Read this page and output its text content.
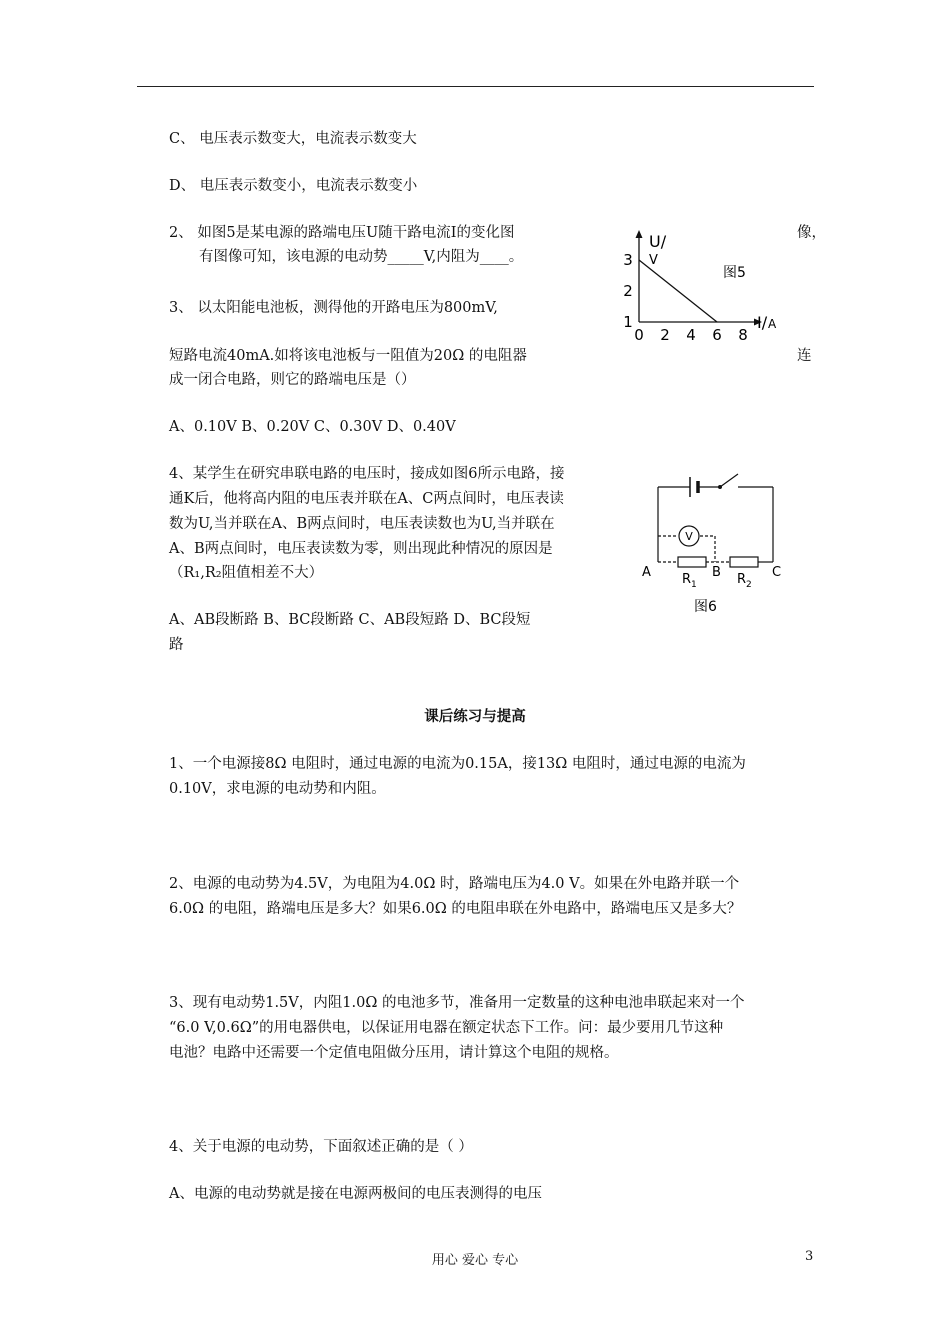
C、 电压表示数变大，电流表示数变大
D、 电压表示数变小，电流表示数变小
2、 如图5是某电源的路端电压U随干路电流I的变化图	像，
有图像可知，该电源的电动势_____V,内阻为____。	3
2
1
0 2 4 6 8
U/
V
I/ A
图5
3、 以太阳能电池板，测得他的开路电压为800mV,
短路电流40mA.如将该电池板与一阻值为20Ω 的电阻器	连
成一闭合电路，则它的路端电压是（）
A、0.10V B、0.20V C、0.30V D、0.40V
4、某学生在研究串联电路的电压时，接成如图6所示电路，接
通K后，他将高内阻的电压表并联在A、C两点间时，电压表读
数为U,当并联在A、B两点间时，电压表读数也为U,当并联在
A、B两点间时，电压表读数为零，则出现此种情况的原因是
（R₁,R₂阻值相差不大）
A、AB段断路 B、BC段断路 C、AB段短路 D、BC段短
路
V
A	B	C
R 1	R 2
图6
课后练习与提高
1、一个电源接8Ω 电阻时，通过电源的电流为0.15A，接13Ω 电阻时，通过电源的电流为
0.10V，求电源的电动势和内阻。
2、电源的电动势为4.5V，为电阻为4.0Ω 时，路端电压为4.0 V。如果在外电路并联一个
6.0Ω 的电阻，路端电压是多大？如果6.0Ω 的电阻串联在外电路中，路端电压又是多大？
3、现有电动势1.5V，内阻1.0Ω 的电池多节，准备用一定数量的这种电池串联起来对一个
“6.0 V,0.6Ω”的用电器供电，以保证用电器在额定状态下工作。问：最少要用几节这种
电池？电路中还需要一个定值电阻做分压用，请计算这个电阻的规格。
4、关于电源的电动势，下面叙述正确的是（ ）
A、电源的电动势就是接在电源两极间的电压表测得的电压
用心 爱心 专心	3
